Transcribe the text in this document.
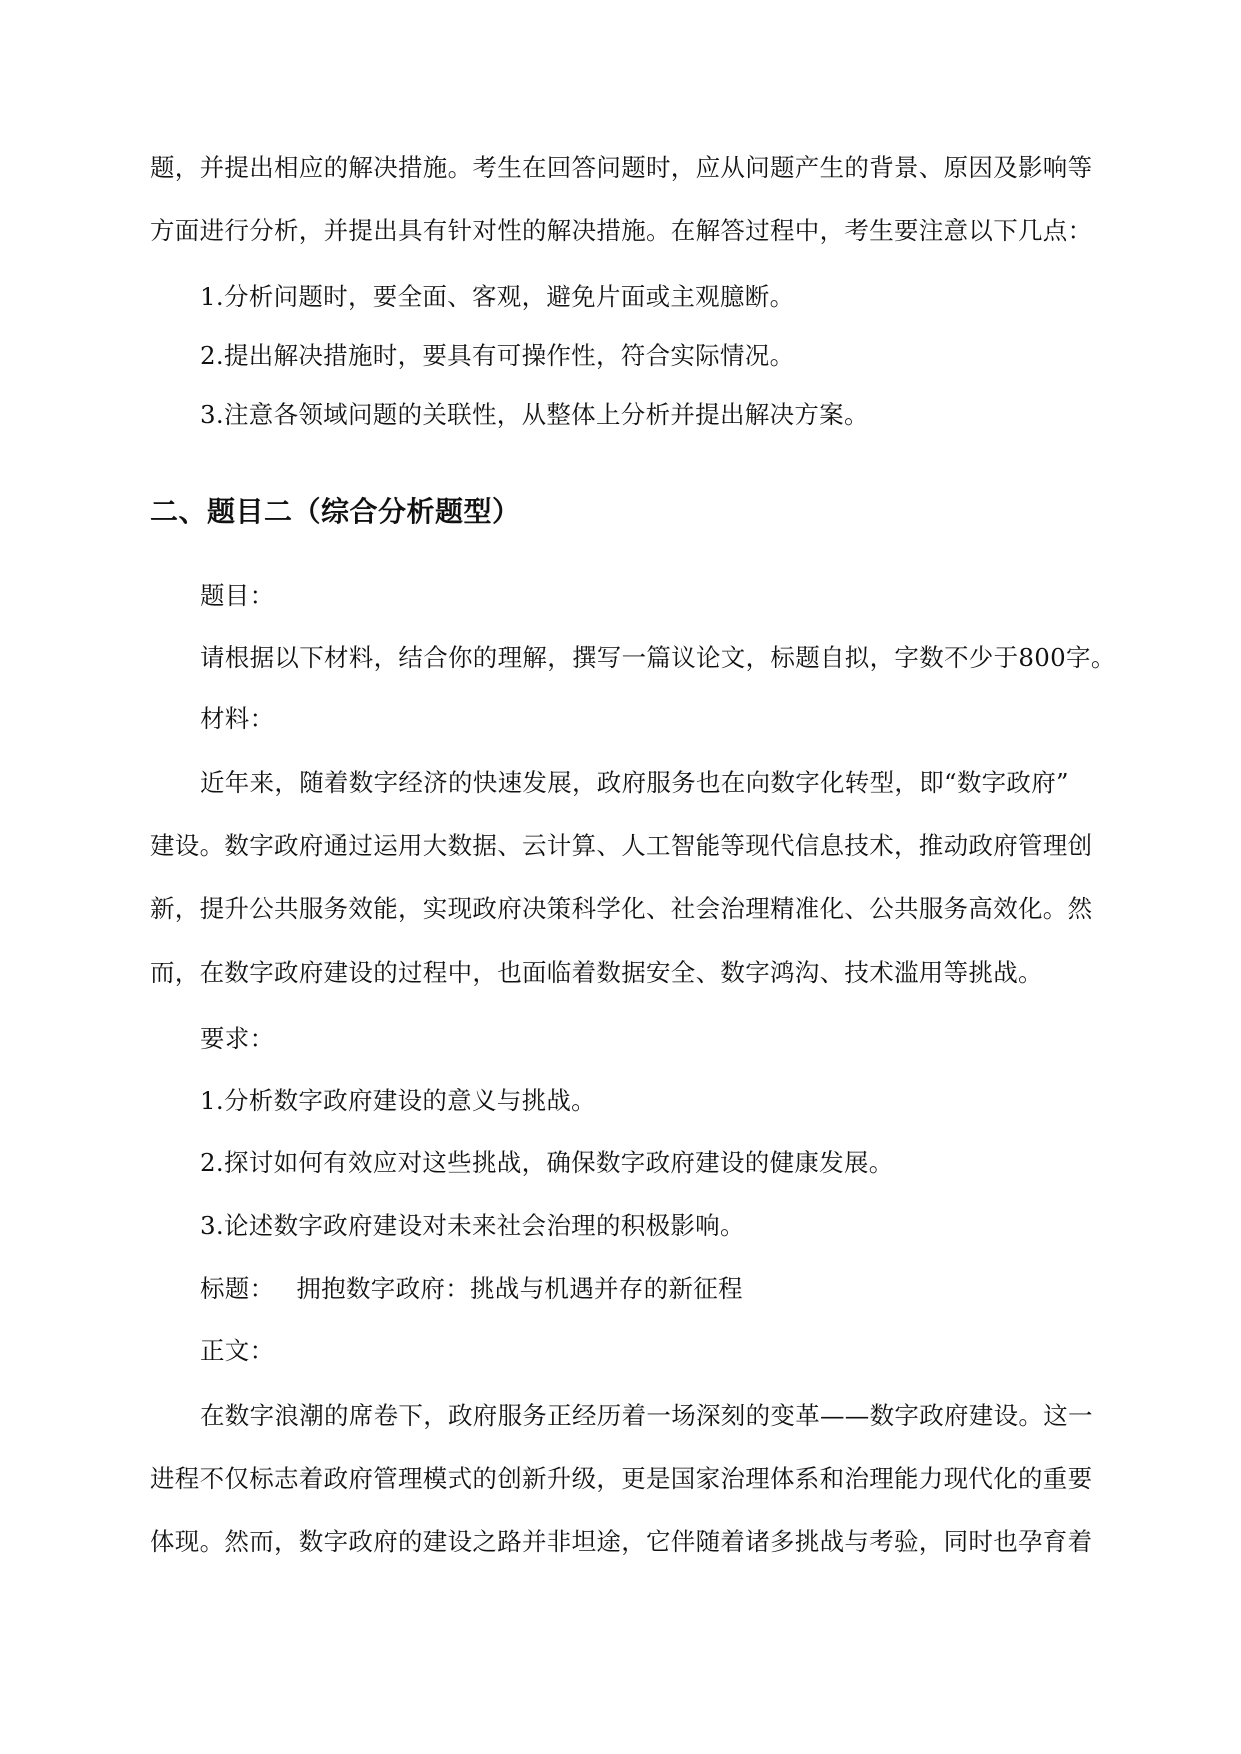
题，并提出相应的解决措施。考生在回答问题时，应从问题产生的背景、原因及影响等
方面进行分析，并提出具有针对性的解决措施。在解答过程中，考生要注意以下几点：
1.分析问题时，要全面、客观，避免片面或主观臆断。
2.提出解决措施时，要具有可操作性，符合实际情况。
3.注意各领域问题的关联性，从整体上分析并提出解决方案。
二、题目二（综合分析题型）
题目：
请根据以下材料，结合你的理解，撰写一篇议论文，标题自拟，字数不少于800字。
材料：
近年来，随着数字经济的快速发展，政府服务也在向数字化转型，即“数字政府”
建设。数字政府通过运用大数据、云计算、人工智能等现代信息技术，推动政府管理创
新，提升公共服务效能，实现政府决策科学化、社会治理精准化、公共服务高效化。然
而，在数字政府建设的过程中，也面临着数据安全、数字鸿沟、技术滥用等挑战。
要求：
1.分析数字政府建设的意义与挑战。
2.探讨如何有效应对这些挑战，确保数字政府建设的健康发展。
3.论述数字政府建设对未来社会治理的积极影响。
标题： 拥抱数字政府：挑战与机遇并存的新征程
正文：
在数字浪潮的席卷下，政府服务正经历着一场深刻的变革——数字政府建设。这一
进程不仅标志着政府管理模式的创新升级，更是国家治理体系和治理能力现代化的重要
体现。然而，数字政府的建设之路并非坦途，它伴随着诸多挑战与考验，同时也孕育着
